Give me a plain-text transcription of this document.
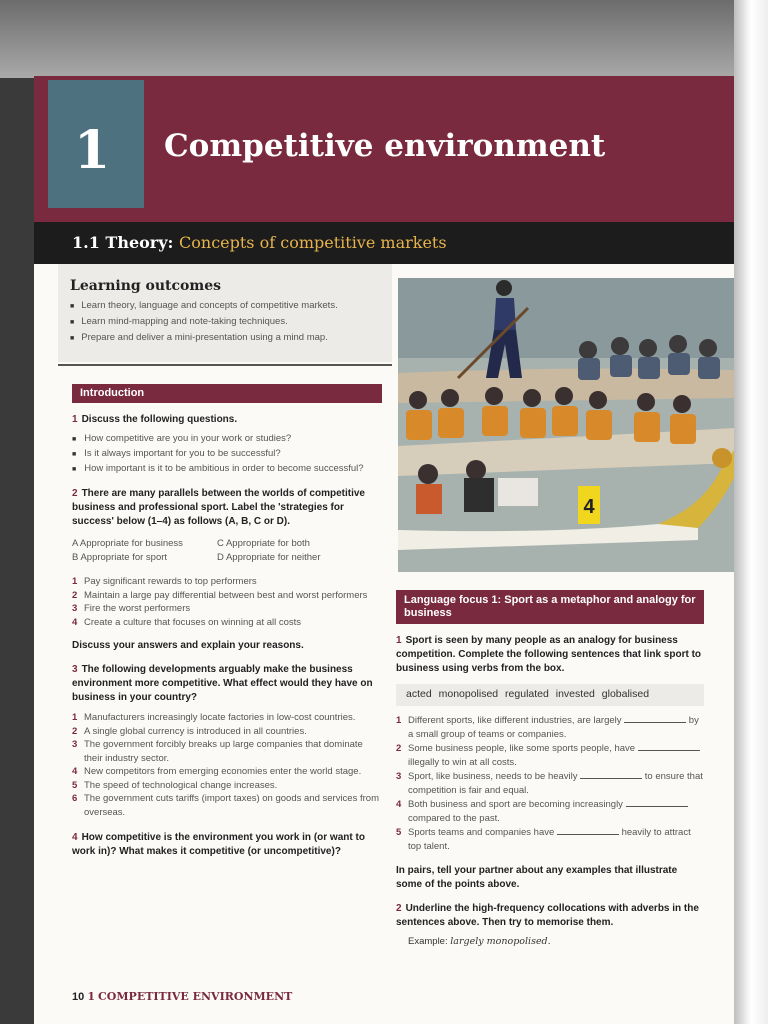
1 Competitive environment
1.1 Theory: Concepts of competitive markets
Learning outcomes
■ Learn theory, language and concepts of competitive markets.
■ Learn mind-mapping and note-taking techniques.
■ Prepare and deliver a mini-presentation using a mind map.
4
Introduction
1 Discuss the following questions.
■ How competitive are you in your work or studies?
■ Is it always important for you to be successful?
■ How important is it to be ambitious in order to become successful?
2 There are many parallels between the worlds of competitive business and professional sport. Label the 'strategies for success' below (1–4) as follows (A, B, C or D).
A Appropriate for business	C Appropriate for both
B Appropriate for sport	D Appropriate for neither
1 Pay significant rewards to top performers
2 Maintain a large pay differential between best and worst performers
3 Fire the worst performers
4 Create a culture that focuses on winning at all costs
Discuss your answers and explain your reasons.
3 The following developments arguably make the business environment more competitive. What effect would they have on business in your country?
1 Manufacturers increasingly locate factories in low-cost countries.
2 A single global currency is introduced in all countries.
3 The government forcibly breaks up large companies that dominate their industry sector.
4 New competitors from emerging economies enter the world stage.
5 The speed of technological change increases.
6 The government cuts tariffs (import taxes) on goods and services from overseas.
4 How competitive is the environment you work in (or want to work in)? What makes it competitive (or uncompetitive)?
Language focus 1: Sport as a metaphor and analogy for business
1 Sport is seen by many people as an analogy for business competition. Complete the following sentences that link sport to business using verbs from the box.
acted monopolised regulated invested globalised
1 Different sports, like different industries, are largely	by a small group of teams or companies.
2 Some business people, like some sports people, have  illegally to win at all costs.
3 Sport, like business, needs to be heavily	to ensure that competition is fair and equal.
4 Both business and sport are becoming increasingly  compared to the past.
5 Sports teams and companies have	heavily to attract top talent.
In pairs, tell your partner about any examples that illustrate some of the points above.
2 Underline the high-frequency collocations with adverbs in the sentences above. Then try to memorise them.
Example: largely monopolised.
10 1 COMPETITIVE ENVIRONMENT
